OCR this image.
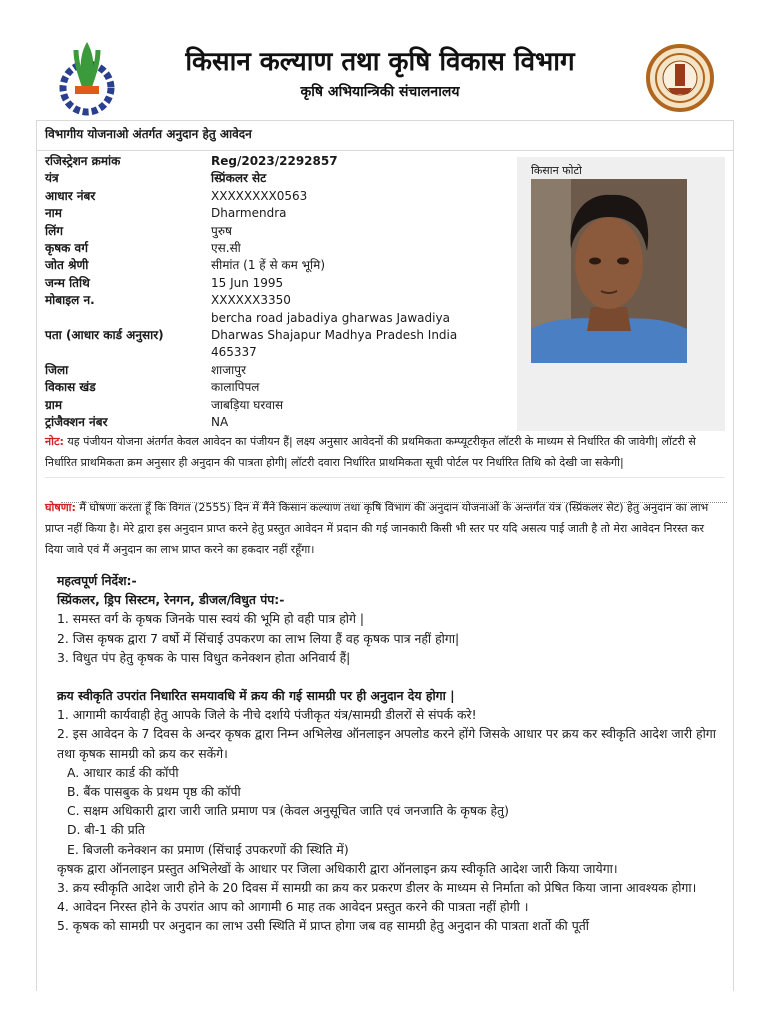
किसान कल्याण तथा कृषि विकास विभाग
कृषि अभियान्त्रिकी संचालनालय
विभागीय योजनाओ अंतर्गत अनुदान हेतु आवेदन
रजिस्ट्रेशन क्रमांक	Reg/2023/2292857
यंत्र	स्प्रिंकलर सेट
आधार नंबर	XXXXXXXX0563
नाम	Dharmendra
लिंग	पुरुष
कृषक वर्ग	एस.सी
जोत श्रेणी	सीमांत (1 हें से कम भूमि)
जन्म तिथि	15 Jun 1995
मोबाइल न.	XXXXXX3350
पता (आधार कार्ड अनुसार)
bercha road jabadiya gharwas Jawadiya Dharwas Shajapur Madhya Pradesh India 465337
जिला	शाजापुर
विकास खंड	कालापिपल
ग्राम	जाबड़िया घरवास
ट्रांजैक्शन नंबर	NA
किसान फोटो
नोट: यह पंजीयन योजना अंतर्गत केवल आवेदन का पंजीयन हैं| लक्ष्य अनुसार आवेदनों की प्रथमिकता कम्प्यूटरीकृत लॉटरी के माध्यम से निर्धारित की जावेगी| लॉटरी से निर्धारित प्राथमिकता क्रम अनुसार ही अनुदान की पात्रता होगी| लॉटरी दवारा निर्धारित प्राथमिकता सूची पोर्टल पर निर्धारित तिथि को देखी जा सकेगी|
घोषणा: मैं घोषणा करता हूँ कि विगत (2555) दिन में मैंने किसान कल्याण तथा कृषि विभाग की अनुदान योजनाओं के अन्तर्गत यंत्र (स्प्रिंकलर सेट) हेतु अनुदान का लाभ प्राप्त नहीं किया है। मेरे द्वारा इस अनुदान प्राप्त करने हेतु प्रस्तुत आवेदन में प्रदान की गई जानकारी किसी भी स्तर पर यदि असत्य पाई जाती है तो मेरा आवेदन निरस्त कर दिया जावे एवं मैं अनुदान का लाभ प्राप्त करने का हकदार नहीं रहूँगा।
महत्वपूर्ण निर्देश:-
स्प्रिंकलर, ड्रिप सिस्टम, रेनगन, डीजल/विधुत पंप:-
1. समस्त वर्ग के कृषक जिनके पास स्वयं की भूमि हो वही पात्र होगे |
2. जिस कृषक द्वारा 7 वर्षो में सिंचाई उपकरण का लाभ लिया हैं वह कृषक पात्र नहीं होगा|
3. विधुत पंप हेतु कृषक के पास विधुत कनेक्शन होता अनिवार्य हैं|
क्रय स्वीकृति उपरांत निधारित समयावधि में क्रय की गई सामग्री पर ही अनुदान देय होगा |
1. आगामी कार्यवाही हेतु आपके जिले के नीचे दर्शाये पंजीकृत यंत्र/सामग्री डीलरों से संपर्क करे!
2. इस आवेदन के 7 दिवस के अन्दर कृषक द्वारा निम्न अभिलेख ऑनलाइन अपलोड करने होंगे जिसके आधार पर क्रय कर स्वीकृति आदेश जारी होगा तथा कृषक सामग्री को क्रय कर सकेंगे।
A. आधार कार्ड की कॉपी
B. बैंक पासबुक के प्रथम पृष्ठ की कॉपी
C. सक्षम अधिकारी द्वारा जारी जाति प्रमाण पत्र (केवल अनुसूचित जाति एवं जनजाति के कृषक हेतु)
D. बी-1 की प्रति
E. बिजली कनेक्शन का प्रमाण (सिंचाई उपकरणों की स्थिति में)
कृषक द्वारा ऑनलाइन प्रस्तुत अभिलेखों के आधार पर जिला अधिकारी द्वारा ऑनलाइन क्रय स्वीकृति आदेश जारी किया जायेगा।
3. क्रय स्वीकृति आदेश जारी होने के 20 दिवस में सामग्री का क्रय कर प्रकरण डीलर के माध्यम से निर्माता को प्रेषित किया जाना आवश्यक होगा।
4. आवेदन निरस्त होने के उपरांत आप को आगामी 6 माह तक आवेदन प्रस्तुत करने की पात्रता नहीं होगी ।
5. कृषक को सामग्री पर अनुदान का लाभ उसी स्थिति में प्राप्त होगा जब वह सामग्री हेतु अनुदान की पात्रता शर्तो की पूर्ती
